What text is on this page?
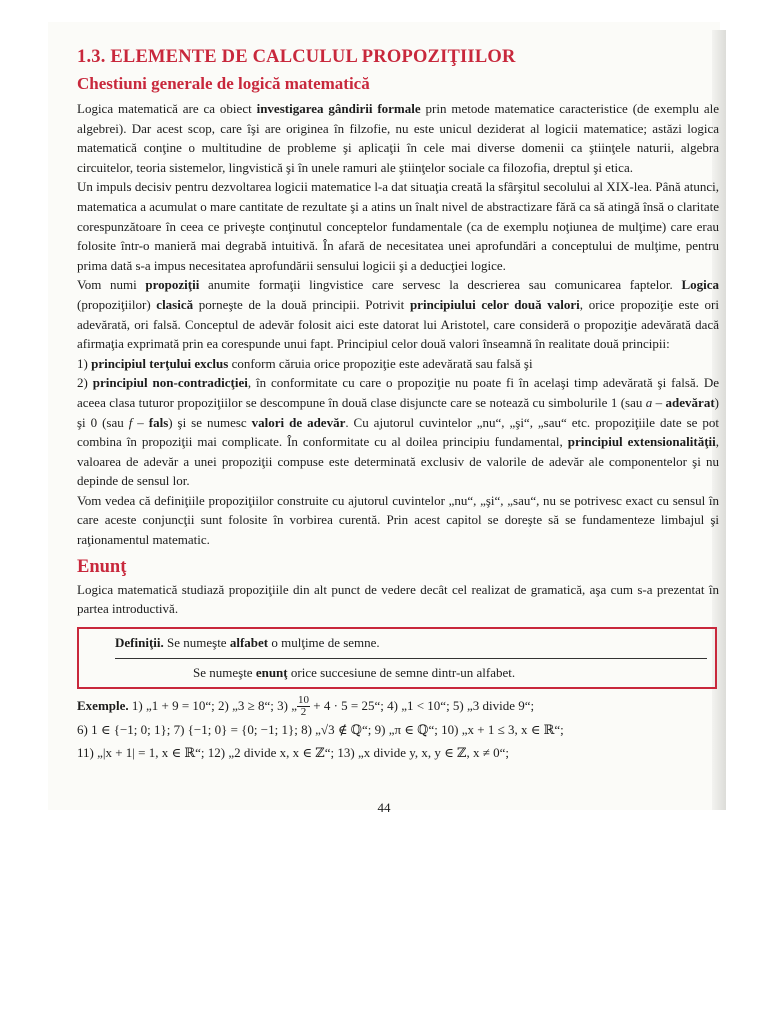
1.3. ELEMENTE DE CALCULUL PROPOZIŢIILOR
Chestiuni generale de logică matematică

Logica matematică are ca obiect investigarea gândirii formale prin metode matematice caracteristice (de exemplu ale algebrei). Dar acest scop, care îşi are originea în filzofie, nu este unicul deziderat al logicii matematice; astăzi logica matematică conţine o multitudine de probleme şi aplicaţii în cele mai diverse domenii ca ştiinţele naturii, algebra circuitelor, teoria sistemelor, lingvistică şi în unele ramuri ale ştiinţelor sociale ca filozofia, dreptul şi etica.

Un impuls decisiv pentru dezvoltarea logicii matematice l-a dat situaţia creată la sfârşitul secolului al XIX-lea. Până atunci, matematica a acumulat o mare cantitate de rezultate şi a atins un înalt nivel de abstractizare fără ca să atingă însă o claritate corespunzătoare în ceea ce priveşte conţinutul conceptelor fundamentale (ca de exemplu noţiunea de mulţime) care erau folosite într-o manieră mai degrabă intuitivă. În afară de necesitatea unei aprofundări a conceptului de mulţime, pentru prima dată s-a impus necesitatea aprofundării sensului logicii şi a deducţiei logice.

Vom numi propoziţii anumite formaţii lingvistice care servesc la descrierea sau comunicarea faptelor. Logica (propoziţiilor) clasică porneşte de la două principii. Potrivit principiului celor două valori, orice propoziţie este ori adevărată, ori falsă. Conceptul de adevăr folosit aici este datorat lui Aristotel, care consideră o propoziţie adevărată dacă afirmaţia exprimată prin ea corespunde unui fapt. Principiul celor două valori înseamnă în realitate două principii:

1) principiul terţului exclus conform căruia orice propoziţie este adevărată sau falsă şi

2) principiul non-contradicţiei, în conformitate cu care o propoziţie nu poate fi în acelaşi timp adevărată şi falsă. De aceea clasa tuturor propoziţiilor se descompune în două clase disjuncte care se notează cu simbolurile 1 (sau a – adevărat) şi 0 (sau f – fals) şi se numesc valori de adevăr. Cu ajutorul cuvintelor „nu“, „şi“, „sau“ etc. propoziţiile date se pot combina în propoziţii mai complicate. În conformitate cu al doilea principiu fundamental, principiul extensionalităţii, valoarea de adevăr a unei propoziţii compuse este determinată exclusiv de valorile de adevăr ale componentelor şi nu depinde de sensul lor.

Vom vedea că definiţiile propoziţiilor construite cu ajutorul cuvintelor „nu“, „şi“, „sau“, nu se potrivesc exact cu sensul în care aceste conjuncţii sunt folosite în vorbirea curentă. Prin acest capitol se doreşte să se fundamenteze limbajul şi raţionamentul matematic.

Enunţ

Logica matematică studiază propoziţiile din alt punct de vedere decât cel realizat de gramatică, aşa cum s-a prezentat în partea introductivă.

Definiţii. Se numeşte alfabet o mulţime de semne.
Se numeşte enunţ orice succesiune de semne dintr-un alfabet.

Exemple. 1) „1 + 9 = 10“; 2) „3 ≥ 8“; 3) „ $\frac{10}{2} + 4 \cdot 5$ = 25“; 4) „1 < 10“; 5) „3 divide 9“;

6) 1 ∈ {−1; 0; 1}; 7) {−1; 0} = {0; −1; 1}; 8) „√3 ∉ ℚ“; 9) „π ∈ ℚ“; 10) „x + 1 ≤ 3, x ∈ ℝ“;

11) „|x + 1| = 1, x ∈ ℝ“; 12) „2 divide x, x ∈ ℤ“; 13) „x divide y, x, y ∈ ℤ, x ≠ 0“;

44
